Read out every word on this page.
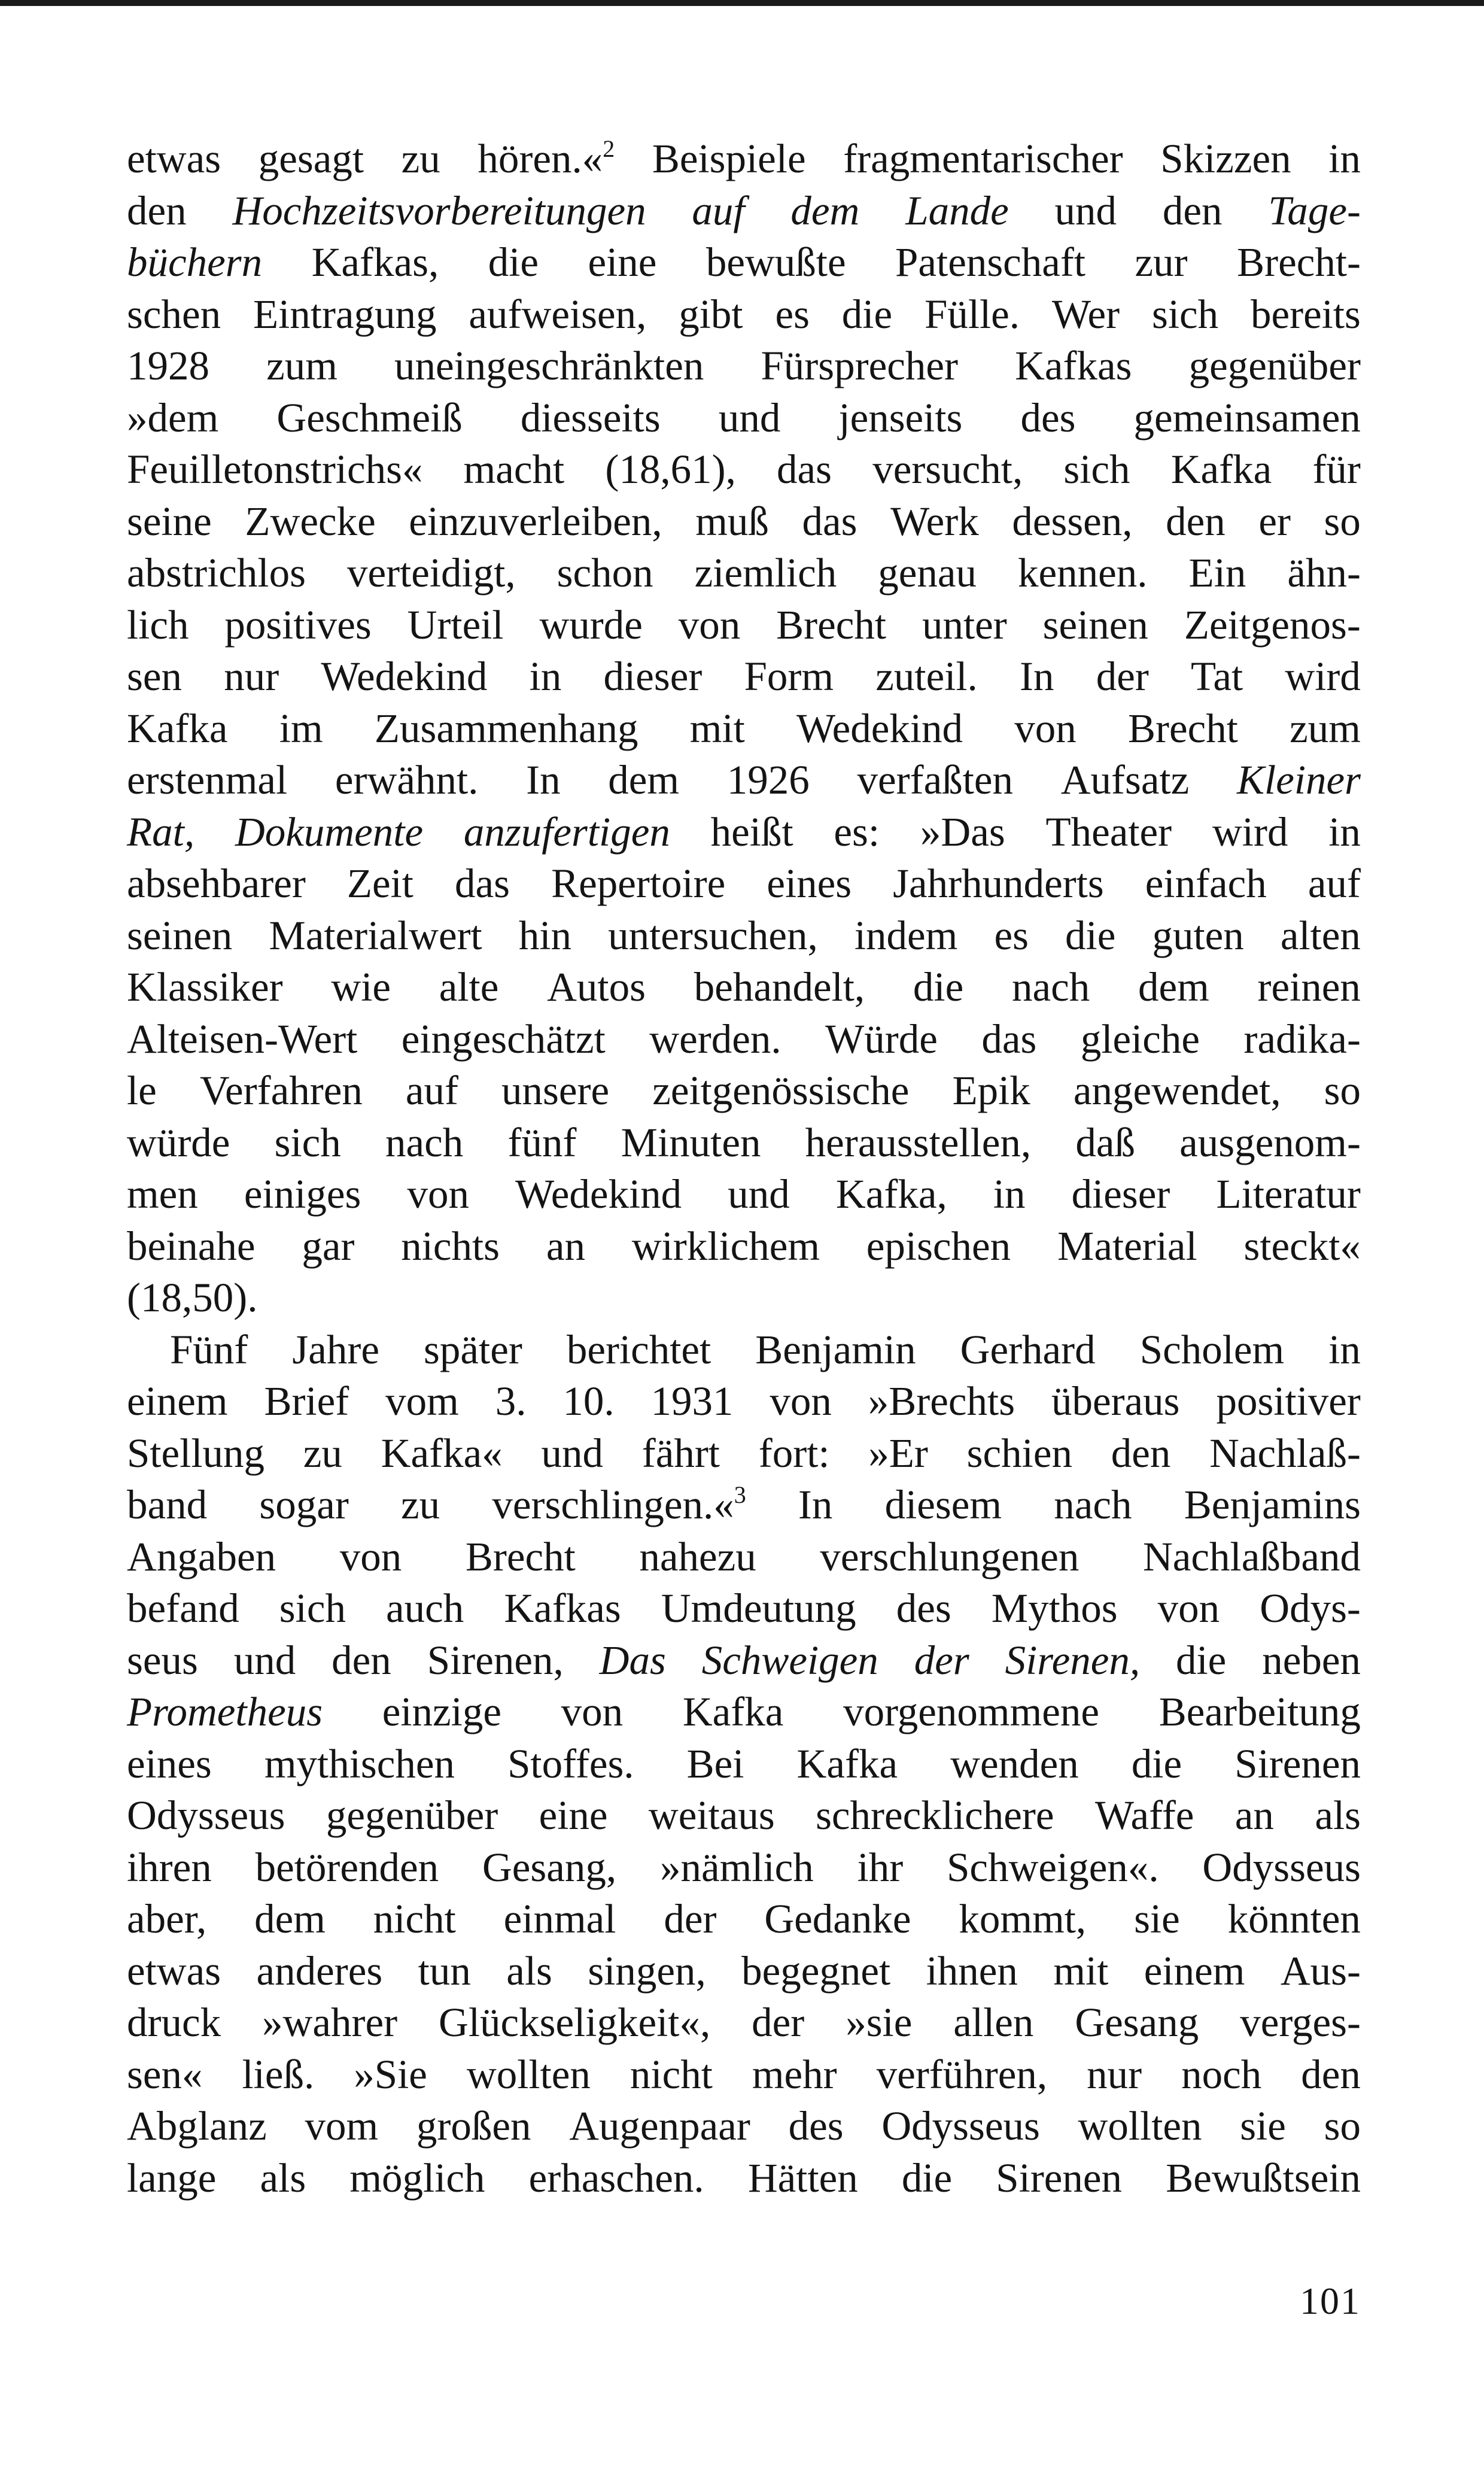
etwas gesagt zu hören.«$^2$ Beispiele fragmentarischer Skizzen in
den Hochzeitsvorbereitungen auf dem Lande und den Tage-
büchern Kafkas, die eine bewußte Patenschaft zur Brecht-
schen Eintragung aufweisen, gibt es die Fülle. Wer sich bereits
1928 zum uneingeschränkten Fürsprecher Kafkas gegenüber
»dem Geschmeiß diesseits und jenseits des gemeinsamen
Feuilletonstrichs« macht (18,61), das versucht, sich Kafka für
seine Zwecke einzuverleiben, muß das Werk dessen, den er so
abstrichlos verteidigt, schon ziemlich genau kennen. Ein ähn-
lich positives Urteil wurde von Brecht unter seinen Zeitgenos-
sen nur Wedekind in dieser Form zuteil. In der Tat wird
Kafka im Zusammenhang mit Wedekind von Brecht zum
erstenmal erwähnt. In dem 1926 verfaßten Aufsatz Kleiner
Rat, Dokumente anzufertigen heißt es: »Das Theater wird in
absehbarer Zeit das Repertoire eines Jahrhunderts einfach auf
seinen Materialwert hin untersuchen, indem es die guten alten
Klassiker wie alte Autos behandelt, die nach dem reinen
Alteisen-Wert eingeschätzt werden. Würde das gleiche radika-
le Verfahren auf unsere zeitgenössische Epik angewendet, so
würde sich nach fünf Minuten herausstellen, daß ausgenom-
men einiges von Wedekind und Kafka, in dieser Literatur
beinahe gar nichts an wirklichem epischen Material steckt«
(18,50).
Fünf Jahre später berichtet Benjamin Gerhard Scholem in
einem Brief vom 3. 10. 1931 von »Brechts überaus positiver
Stellung zu Kafka« und fährt fort: »Er schien den Nachlaß-
band sogar zu verschlingen.«$^3$ In diesem nach Benjamins
Angaben von Brecht nahezu verschlungenen Nachlaßband
befand sich auch Kafkas Umdeutung des Mythos von Odys-
seus und den Sirenen, Das Schweigen der Sirenen, die neben
Prometheus einzige von Kafka vorgenommene Bearbeitung
eines mythischen Stoffes. Bei Kafka wenden die Sirenen
Odysseus gegenüber eine weitaus schrecklichere Waffe an als
ihren betörenden Gesang, »nämlich ihr Schweigen«. Odysseus
aber, dem nicht einmal der Gedanke kommt, sie könnten
etwas anderes tun als singen, begegnet ihnen mit einem Aus-
druck »wahrer Glückseligkeit«, der »sie allen Gesang verges-
sen« ließ. »Sie wollten nicht mehr verführen, nur noch den
Abglanz vom großen Augenpaar des Odysseus wollten sie so
lange als möglich erhaschen. Hätten die Sirenen Bewußtsein
101
